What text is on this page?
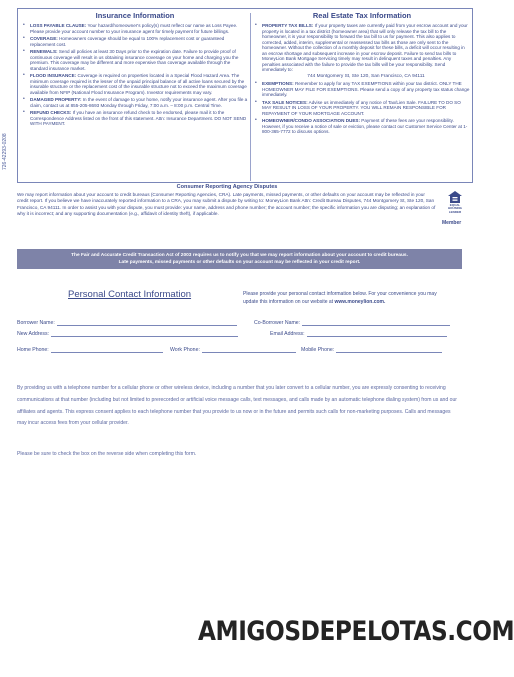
726-42293-0208
Insurance Information
• LOSS PAYABLE CLAUSE: Your hazard/homeowner's policy(s) must reflect our name as Loss Payee. Please provide your account number to your insurance agent for timely payment for future billings.
• COVERAGE: Homeowners coverage should be equal to 100% replacement cost or guaranteed replacement cost.
• RENEWALS: Send all policies at least 30 Days prior to the expiration date. Failure to provide proof of continuous coverage will result in us obtaining insurance coverage on your home and charging you the premium. This coverage may be different and more expensive than coverage available through the standard insurance market.
• FLOOD INSURANCE: Coverage is required on properties located in a Special Flood Hazard Area. The minimum coverage required is the lesser of the unpaid principal balance of all active loans secured by the insurable structure or the replacement cost of the insurable structure not to exceed the maximum coverage available from NFIP (National Flood Insurance Program). Investor requirements may vary.
• DAMAGED PROPERTY: In the event of damage to your home, notify your insurance agent. After you file a claim, contact us at 855-205-8693 Monday through Friday, 7:00 a.m. – 8:00 p.m. Central Time.
• REFUND CHECKS: If you have an insurance refund check to be endorsed, please mail it to the Correspondence Address listed on the front of this statement. Attn: Insurance Department. DO NOT SEND WITH PAYMENT.
Real Estate Tax Information
• PROPERTY TAX BILLS: If your property taxes are currently paid from your escrow account and your property is located in a tax district (homeowner area) that will only release the tax bill to the homeowner, it is your responsibility to forward the tax bill to us for payment. This also applies to corrected, added, interim, supplemental or reassessed tax bills as those are only sent to the homeowner. Without the collection of a monthly deposit for these bills, a deficit will occur resulting in an escrow shortage and subsequent increase in your escrow deposit. Failure to send tax bills to MoneyLion Bank Mortgage Servicing timely may result in delinquent taxes and penalties. Any penalties associated with the failure to provide the tax bills will be your responsibility. Send immediately to:
744 Montgomery St, Ste 120, San Francisco, CA 94111
• EXEMPTIONS: Remember to apply for any TAX EXEMPTIONS within your tax district. ONLY THE HOMEOWNER MAY FILE FOR EXEMPTIONS. Please send a copy of any property tax status change immediately.
• TAX SALE NOTICES: Advise us immediately of any notice of Tax/Lien Sale. FAILURE TO DO SO MAY RESULT IN LOSS OF YOUR PROPERTY. YOU WILL REMAIN RESPONSIBLE FOR REPAYMENT OF YOUR MORTGAGE ACCOUNT.
• HOMEOWNER/CONDO ASSOCIATION DUES: Payment of these fees are your responsibility. However, if you receive a notice of sale or eviction, please contact our Customer Service Center at 1-800-365-7772 to discuss options.
Consumer Reporting Agency Disputes

We may report information about your account to credit bureaus (Consumer Reporting Agencies, CRA). Late payments, missed payments, or other defaults on your account may be reflected in your credit report. If you believe we have inaccurately reported information to a CRA, you may submit a dispute by writing to: MoneyLion Bank Attn: Credit Bureau Disputes, 744 Montgomery St, Ste 120, San Francisco, CA 94111. In order to assist you with your dispute, you must provide: your name, address and phone number; the account number; the specific information you are disputing; an explanation of why it is incorrect; and any supporting documentation (e.g., affidavit of identity theft), if applicable.

EQUAL HOUSING LENDER
Member
The Fair and Accurate Credit Transaction Act of 2003 requires us to notify you that we may report information about your account to credit bureaus.
Late payments, missed payments or other defaults on your account may be reflected in your credit report.
Personal Contact Information	Please provide your personal contact information below. For your convenience you may update this information on our website at www.moneylion.com.
Borrower Name:	Co-Borrower Name:
New Address:	Email Address:
Home Phone:	Work Phone:	Mobile Phone:
By providing us with a telephone number for a cellular phone or other wireless device, including a number that you later convert to a cellular number, you are expressly consenting to receiving communications at that number (including but not limited to prerecorded or artificial voice message calls, text messages, and calls made by an automatic telephone dialing system) from us and our affiliates and agents. This express consent applies to each telephone number that you provide to us now or in the future and permits such calls for non-marketing purposes. Calls and messages may incur access fees from your cellular provider.
Please be sure to check the box on the reverse side when completing this form.
AMIGOSDEPELOTAS.COM
